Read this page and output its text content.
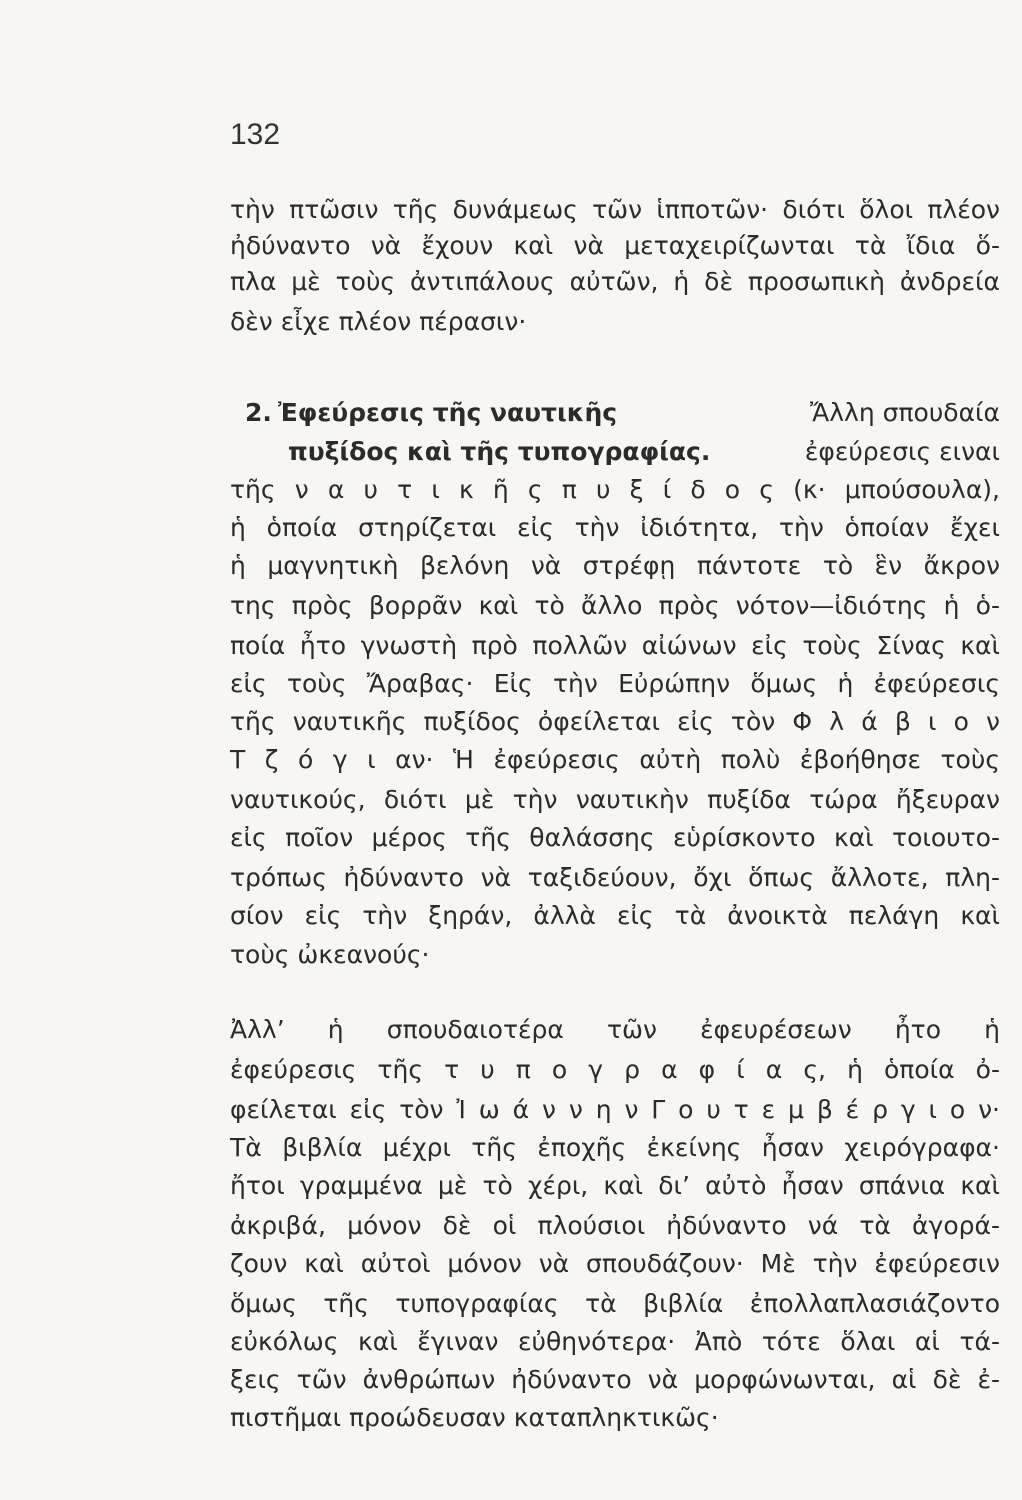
132
τὴν πτῶσιν τῆς δυνάμεως τῶν ἱπποτῶν· διότι ὅλοι πλέον
ἠδύναντο νὰ ἔχουν καὶ νὰ μεταχειρίζωνται τὰ ἴδια ὅ-
πλα μὲ τοὺς ἀντιπάλους αὐτῶν, ἡ δὲ προσωπικὴ ἀνδρεία
δὲν εἶχε πλέον πέρασιν·
2. Ἐφεύρεσις τῆς ναυτικῆς	Ἄλλη σπουδαία
πυξίδος καὶ τῆς τυπογραφίας.	ἐφεύρεσις ειναι
τῆς ν α υ τ ι κ ῆ ς π υ ξ ί δ ο ς (κ· μπούσουλα),
ἡ ὁποία στηρίζεται εἰς τὴν ἰδιότητα, τὴν ὁποίαν ἔχει
ἡ μαγνητικὴ βελόνη νὰ στρέφῃ πάντοτε τὸ ἓν ἄκρον
της πρὸς βορρᾶν καὶ τὸ ἄλλο πρὸς νότον—ἰδιότης ἡ ὁ-
ποία ἦτο γνωστὴ πρὸ πολλῶν αἰώνων εἰς τοὺς Σίνας καὶ
εἰς τοὺς Ἄραβας· Εἰς τὴν Εὐρώπην ὅμως ἡ ἐφεύρεσις
τῆς ναυτικῆς πυξίδος ὀφείλεται εἰς τὸν Φ λ ά β ι ο ν
Τ ζ ό γ ι αν· Ἡ ἐφεύρεσις αὐτὴ πολὺ ἐβοήθησε τοὺς
ναυτικούς, διότι μὲ τὴν ναυτικὴν πυξίδα τώρα ἤξευραν
εἰς ποῖον μέρος τῆς θαλάσσης εὑρίσκοντο καὶ τοιουτο-
τρόπως ἠδύναντο νὰ ταξιδεύουν, ὄχι ὅπως ἄλλοτε, πλη-
σίον εἰς τὴν ξηράν, ἀλλὰ εἰς τὰ ἀνοικτὰ πελάγη καὶ
τοὺς ὠκεανούς·
Ἀλλ’ ἡ σπουδαιοτέρα τῶν ἐφευρέσεων ἦτο ἡ
ἐφεύρεσις τῆς τ υ π ο γ ρ α φ ί α ς, ἡ ὁποία ὀ-
φείλεται εἰς τὸν Ἰ ω ά ν ν η ν Γ ο υ τ ε μ β έ ρ γ ι ο ν·
Τὰ βιβλία μέχρι τῆς ἐποχῆς ἐκείνης ἦσαν χειρόγραφα·
ἤτοι γραμμένα μὲ τὸ χέρι, καὶ δι’ αὐτὸ ἦσαν σπάνια καὶ
ἀκριβά, μόνον δὲ οἱ πλούσιοι ἠδύναντο νά τὰ ἀγορά-
ζουν καὶ αὐτοὶ μόνον νὰ σπουδάζουν· Μὲ τὴν ἐφεύρεσιν
ὅμως τῆς τυπογραφίας τὰ βιβλία ἐπολλαπλασιάζοντο
εὐκόλως καὶ ἔγιναν εὐθηνότερα· Ἀπὸ τότε ὅλαι αἱ τά-
ξεις τῶν ἀνθρώπων ἠδύναντο νὰ μορφώνωνται, αἱ δὲ ἐ-
πιστῆμαι προώδευσαν καταπληκτικῶς·
